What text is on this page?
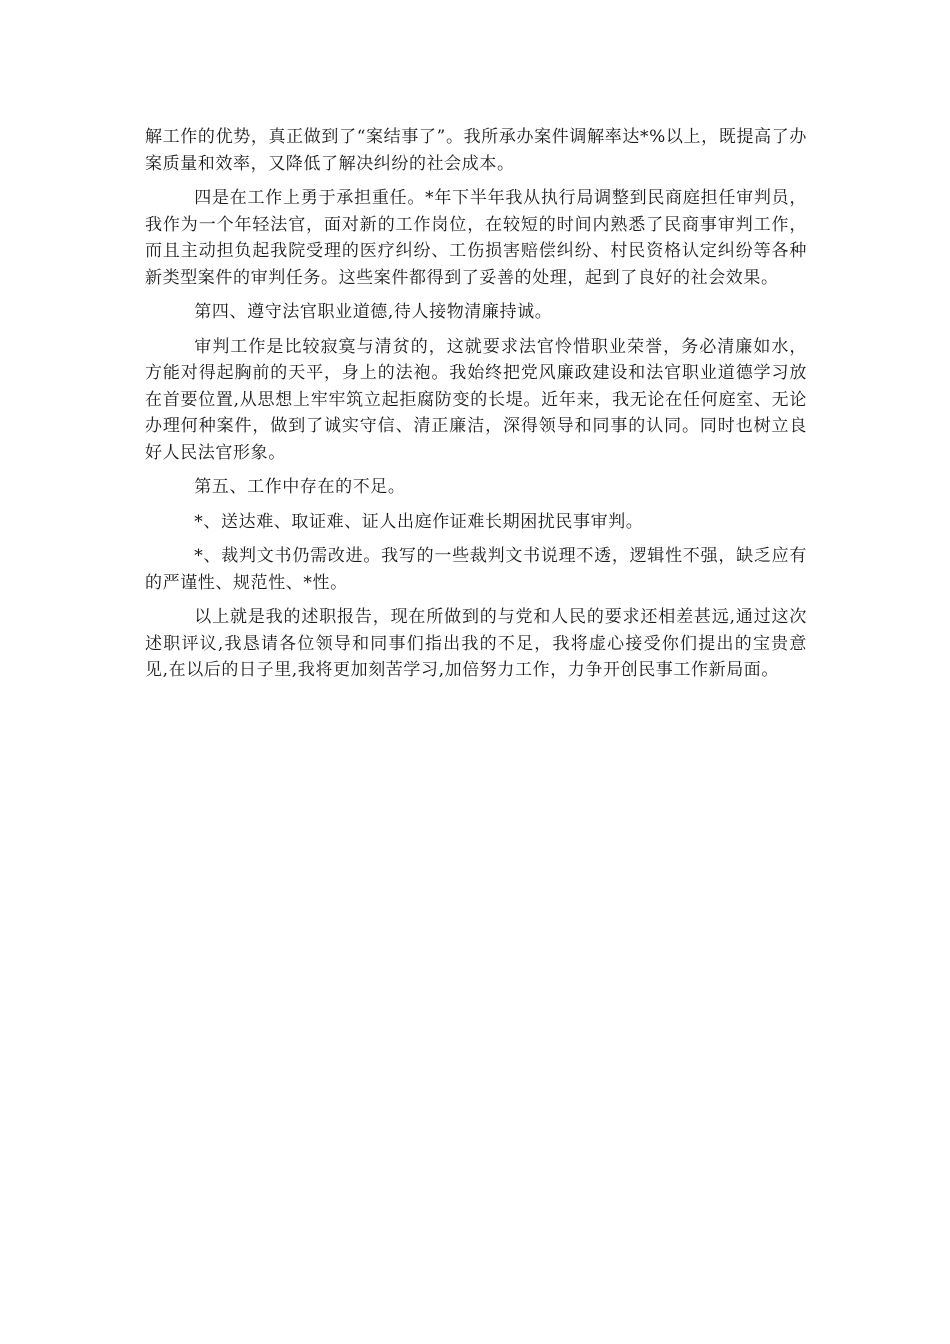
解工作的优势，真正做到了“案结事了”。我所承办案件调解率达*%以上，既提高了办案质量和效率，又降低了解决纠纷的社会成本。

四是在工作上勇于承担重任。*年下半年我从执行局调整到民商庭担任审判员，我作为一个年轻法官，面对新的工作岗位，在较短的时间内熟悉了民商事审判工作，而且主动担负起我院受理的医疗纠纷、工伤损害赔偿纠纷、村民资格认定纠纷等各种新类型案件的审判任务。这些案件都得到了妥善的处理，起到了良好的社会效果。

第四、遵守法官职业道德,待人接物清廉持诚。

审判工作是比较寂寞与清贫的，这就要求法官怜惜职业荣誉，务必清廉如水，方能对得起胸前的天平，身上的法袍。我始终把党风廉政建设和法官职业道德学习放在首要位置,从思想上牢牢筑立起拒腐防变的长堤。近年来，我无论在任何庭室、无论办理何种案件，做到了诚实守信、清正廉洁，深得领导和同事的认同。同时也树立良好人民法官形象。

第五、工作中存在的不足。

*、送达难、取证难、证人出庭作证难长期困扰民事审判。

*、裁判文书仍需改进。我写的一些裁判文书说理不透，逻辑性不强，缺乏应有的严谨性、规范性、*性。

以上就是我的述职报告，现在所做到的与党和人民的要求还相差甚远,通过这次述职评议,我恳请各位领导和同事们指出我的不足，我将虚心接受你们提出的宝贵意见,在以后的日子里,我将更加刻苦学习,加倍努力工作，力争开创民事工作新局面。
